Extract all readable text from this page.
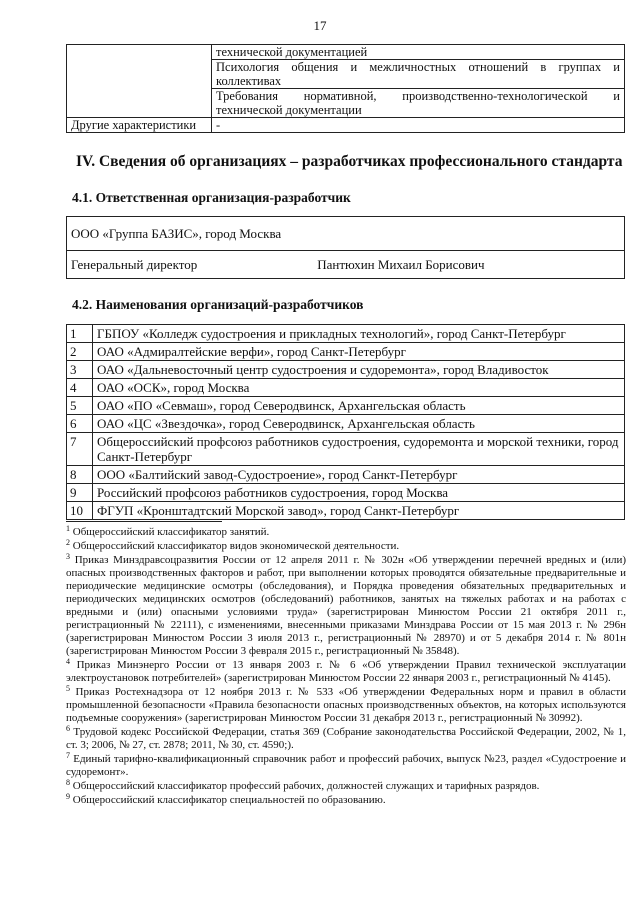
17
	технической документацией
	Психология общения и межличностных отношений в группах и коллективах
	Требования нормативной, производственно-технологической и технической документации
Другие характеристики	-
IV. Сведения об организациях – разработчиках профессионального стандарта
4.1. Ответственная организация-разработчик
ООО «Группа БАЗИС», город Москва
Генеральный директор	Пантюхин Михаил Борисович
4.2. Наименования организаций-разработчиков
1	ГБПОУ «Колледж судостроения и прикладных технологий», город Санкт-Петербург
2	ОАО «Адмиралтейские верфи», город Санкт-Петербург
3	ОАО «Дальневосточный центр судостроения и судоремонта», город Владивосток
4	ОАО «ОСК», город Москва
5	ОАО «ПО «Севмаш», город Северодвинск, Архангельская область
6	ОАО «ЦС «Звездочка», город Северодвинск, Архангельская область
7	Общероссийский профсоюз работников судостроения, судоремонта и морской техники, город Санкт-Петербург
8	ООО «Балтийский завод-Судостроение», город Санкт-Петербург
9	Российский профсоюз работников судостроения, город Москва
10	ФГУП «Кронштадтский Морской завод», город Санкт-Петербург
$^1$ Общероссийский классификатор занятий.
$^2$ Общероссийский классификатор видов экономической деятельности.
$^3$ Приказ Минздравсоцразвития России от 12 апреля 2011 г. № 302н «Об утверждении перечней вредных и (или) опасных производственных факторов и работ, при выполнении которых проводятся обязательные предварительные и периодические медицинские осмотры (обследования), и Порядка проведения обязательных предварительных и периодических медицинских осмотров (обследований) работников, занятых на тяжелых работах и на работах с вредными и (или) опасными условиями труда» (зарегистрирован Минюстом России 21 октября 2011 г., регистрационный № 22111), с изменениями, внесенными приказами Минздрава России от 15 мая 2013 г. № 296н (зарегистрирован Минюстом России 3 июля 2013 г., регистрационный № 28970) и от 5 декабря 2014 г. № 801н (зарегистрирован Минюстом России 3 февраля 2015 г., регистрационный № 35848).
$^4$ Приказ Минэнерго России от 13 января 2003 г. № 6 «Об утверждении Правил технической эксплуатации электроустановок потребителей» (зарегистрирован Минюстом России 22 января 2003 г., регистрационный № 4145).
$^5$ Приказ Ростехнадзора от 12 ноября 2013 г. № 533 «Об утверждении Федеральных норм и правил в области промышленной безопасности «Правила безопасности опасных производственных объектов, на которых используются подъемные сооружения» (зарегистрирован Минюстом России 31 декабря 2013 г., регистрационный № 30992).
$^6$ Трудовой кодекс Российской Федерации, статья 369 (Собрание законодательства Российской Федерации, 2002, № 1, ст. 3; 2006, № 27, ст. 2878; 2011, № 30, ст. 4590;).
$^7$ Единый тарифно-квалификационный справочник работ и профессий рабочих, выпуск №23, раздел «Судостроение и судоремонт».
$^8$ Общероссийский классификатор профессий рабочих, должностей служащих и тарифных разрядов.
$^9$ Общероссийский классификатор специальностей по образованию.
